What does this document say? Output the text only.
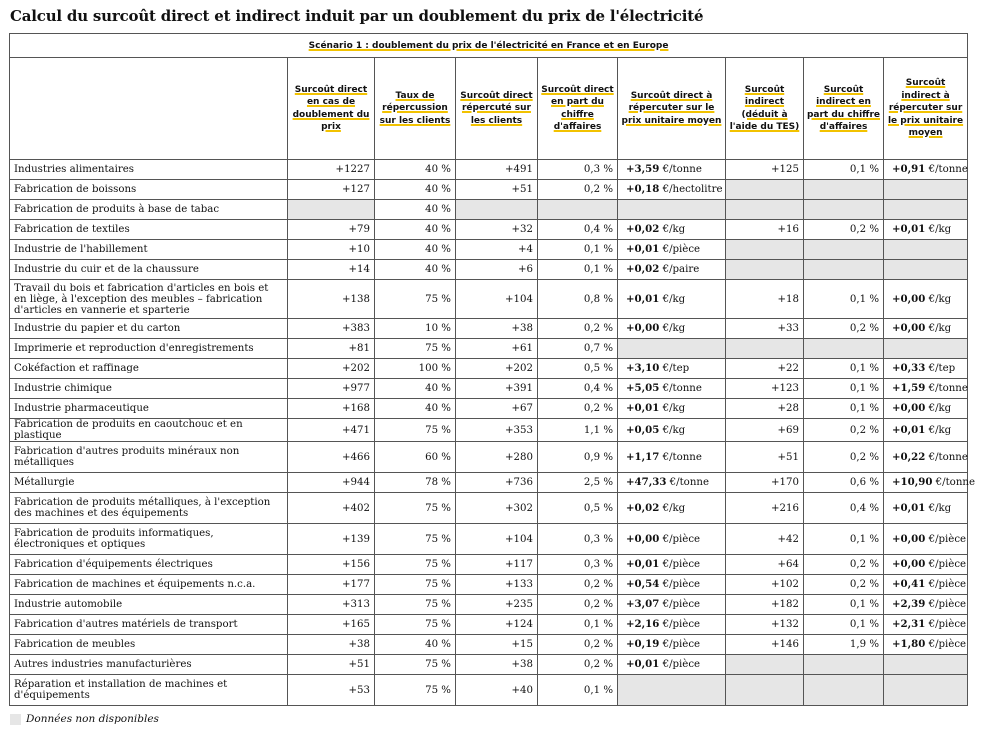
Calcul du surcoût direct et indirect induit par un doublement du prix de l'électricité
Scénario 1 : doublement du prix de l'électricité en France et en Europe								
	Surcoût direct en cas de doublement du prix	Taux de répercussion sur les clients	Surcoût direct répercuté sur les clients	Surcoût direct en part du chiffre d'affaires	Surcoût direct à répercuter sur le prix unitaire moyen	Surcoût indirect (déduit à l'aide du TES)	Surcoût indirect en part du chiffre d'affaires	Surcoût indirect à répercuter sur le prix unitaire moyen
Industries alimentaires	+1227	40 %	+491	0,3 %	+3,59 €/tonne	+125	0,1 %	+0,91 €/tonne
Fabrication de boissons	+127	40 %	+51	0,2 %	+0,18 €/hectolitre			
Fabrication de produits à base de tabac		40 %						
Fabrication de textiles	+79	40 %	+32	0,4 %	+0,02 €/kg	+16	0,2 %	+0,01 €/kg
Industrie de l'habillement	+10	40 %	+4	0,1 %	+0,01 €/pièce			
Industrie du cuir et de la chaussure	+14	40 %	+6	0,1 %	+0,02 €/paire			
Travail du bois et fabrication d'articles en bois et en liège, à l'exception des meubles – fabrication d'articles en vannerie et sparterie	+138	75 %	+104	0,8 %	+0,01 €/kg	+18	0,1 %	+0,00 €/kg
Industrie du papier et du carton	+383	10 %	+38	0,2 %	+0,00 €/kg	+33	0,2 %	+0,00 €/kg
Imprimerie et reproduction d'enregistrements	+81	75 %	+61	0,7 %				
Cokéfaction et raffinage	+202	100 %	+202	0,5 %	+3,10 €/tep	+22	0,1 %	+0,33 €/tep
Industrie chimique	+977	40 %	+391	0,4 %	+5,05 €/tonne	+123	0,1 %	+1,59 €/tonne
Industrie pharmaceutique	+168	40 %	+67	0,2 %	+0,01 €/kg	+28	0,1 %	+0,00 €/kg
Fabrication de produits en caoutchouc et en plastique	+471	75 %	+353	1,1 %	+0,05 €/kg	+69	0,2 %	+0,01 €/kg
Fabrication d'autres produits minéraux non métalliques	+466	60 %	+280	0,9 %	+1,17 €/tonne	+51	0,2 %	+0,22 €/tonne
Métallurgie	+944	78 %	+736	2,5 %	+47,33 €/tonne	+170	0,6 %	+10,90 €/tonne
Fabrication de produits métalliques, à l'exception des machines et des équipements	+402	75 %	+302	0,5 %	+0,02 €/kg	+216	0,4 %	+0,01 €/kg
Fabrication de produits informatiques, électroniques et optiques	+139	75 %	+104	0,3 %	+0,00 €/pièce	+42	0,1 %	+0,00 €/pièce
Fabrication d'équipements électriques	+156	75 %	+117	0,3 %	+0,01 €/pièce	+64	0,2 %	+0,00 €/pièce
Fabrication de machines et équipements n.c.a.	+177	75 %	+133	0,2 %	+0,54 €/pièce	+102	0,2 %	+0,41 €/pièce
Industrie automobile	+313	75 %	+235	0,2 %	+3,07 €/pièce	+182	0,1 %	+2,39 €/pièce
Fabrication d'autres matériels de transport	+165	75 %	+124	0,1 %	+2,16 €/pièce	+132	0,1 %	+2,31 €/pièce
Fabrication de meubles	+38	40 %	+15	0,2 %	+0,19 €/pièce	+146	1,9 %	+1,80 €/pièce
Autres industries manufacturières	+51	75 %	+38	0,2 %	+0,01 €/pièce			
Réparation et installation de machines et d'équipements	+53	75 %	+40	0,1 %				
Données non disponibles
